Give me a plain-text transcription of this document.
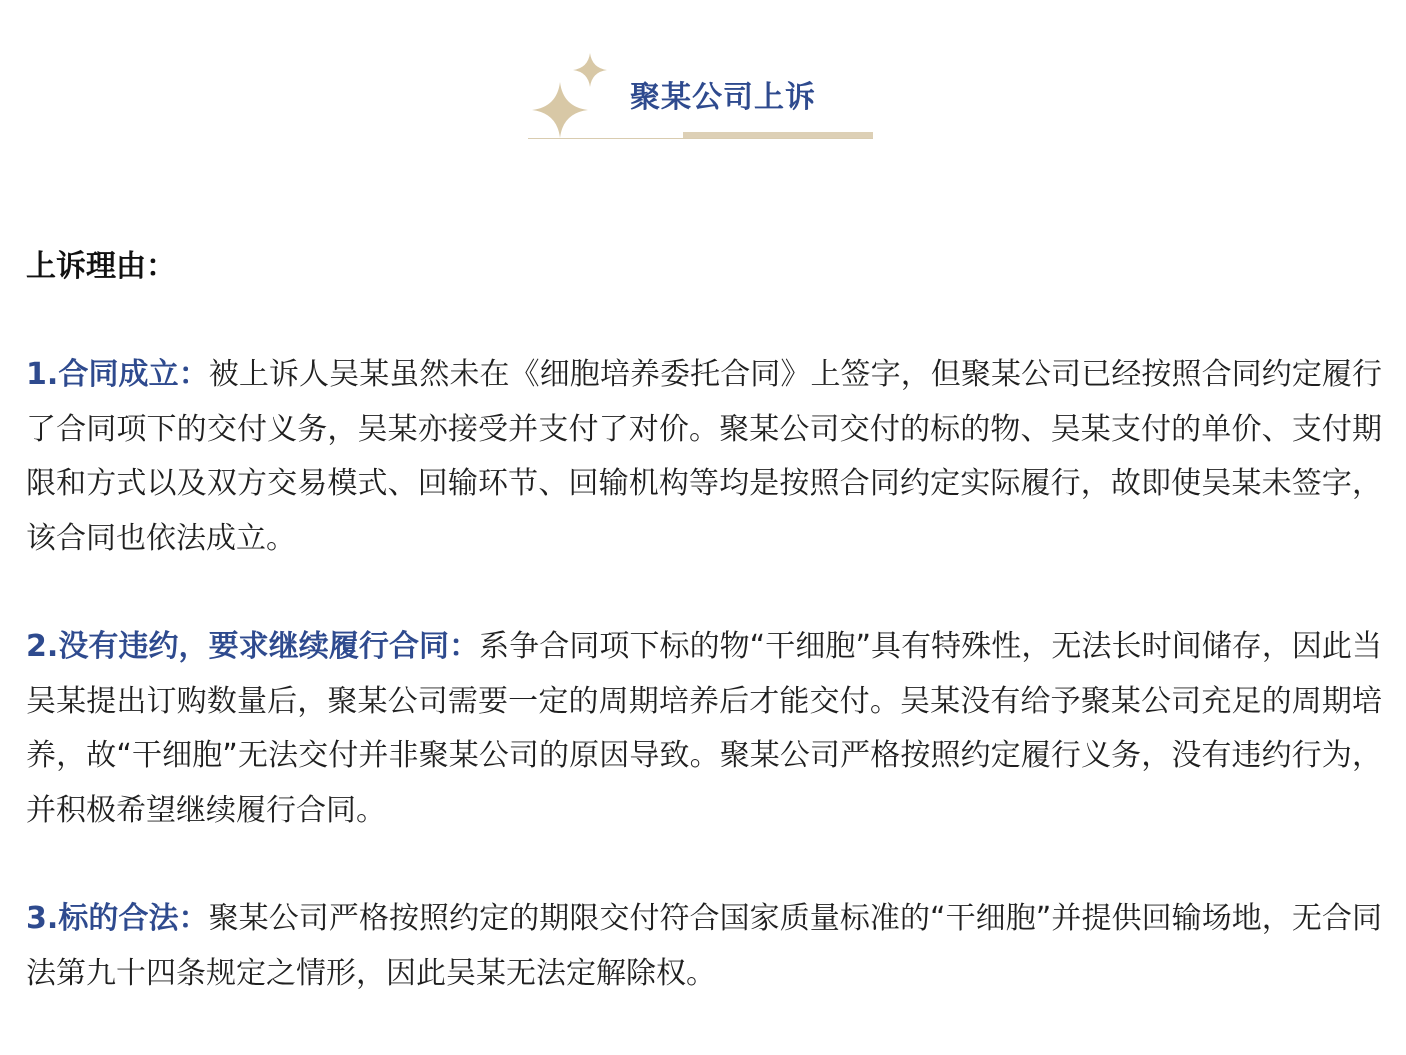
聚某公司上诉
上诉理由：

1.合同成立：被上诉人吴某虽然未在《细胞培养委托合同》上签字，但聚某公司已经按照合同约定履行了合同项下的交付义务，吴某亦接受并支付了对价。聚某公司交付的标的物、吴某支付的单价、支付期限和方式以及双方交易模式、回输环节、回输机构等均是按照合同约定实际履行，故即使吴某未签字，该合同也依法成立。

2.没有违约，要求继续履行合同：系争合同项下标的物“干细胞”具有特殊性，无法长时间储存，因此当吴某提出订购数量后，聚某公司需要一定的周期培养后才能交付。吴某没有给予聚某公司充足的周期培养，故“干细胞”无法交付并非聚某公司的原因导致。聚某公司严格按照约定履行义务，没有违约行为，并积极希望继续履行合同。

3.标的合法：聚某公司严格按照约定的期限交付符合国家质量标准的“干细胞”并提供回输场地，无合同法第九十四条规定之情形，因此吴某无法定解除权。
